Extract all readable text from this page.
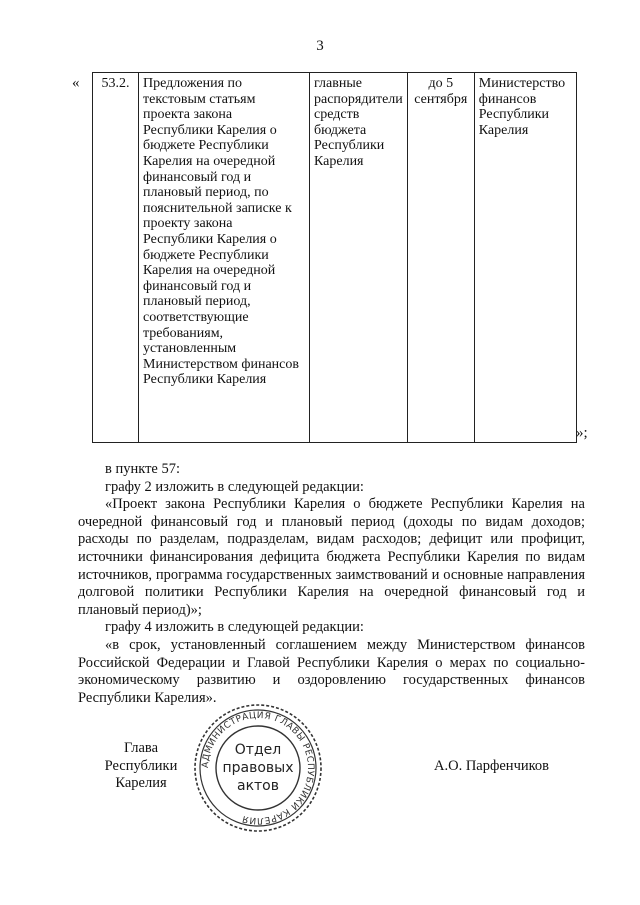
3
« 53.2.	Предложения по текстовым статьям проекта закона Республики Карелия о бюджете Республики Карелия на очередной финансовый год и плановый период, по пояснительной записке к проекту закона Республики Карелия о бюджете Республики Карелия на очередной финансовый год и плановый период, соответствующие требованиям, установленным Министерством финансов Республики Карелия	главные распорядители средств бюджета Республики Карелия	до 5 сентября	Министерство финансов Республики Карелия
»;

в пункте 57:

графу 2 изложить в следующей редакции:

«Проект закона Республики Карелия о бюджете Республики Карелия на очередной финансовый год и плановый период (доходы по видам доходов; расходы по разделам, подразделам, видам расходов; дефицит или профицит, источники финансирования дефицита бюджета Республики Карелия по видам источников, программа государственных заимствований и основные направления долговой политики Республики Карелия на очередной финансовый год и плановый период)»;

графу 4 изложить в следующей редакции:

«в срок, установленный соглашением между Министерством финансов Российской Федерации и Главой Республики Карелия о мерах по социально-экономическому развитию и оздоровлению государственных финансов Республики Карелия».

Глава
Республики Карелия
А.О. Парфенчиков
АДМИНИСТРАЦИЯ ГЛАВЫ РЕСПУБЛИКИ КАРЕЛИЯ
Отдел
правовых
актов
